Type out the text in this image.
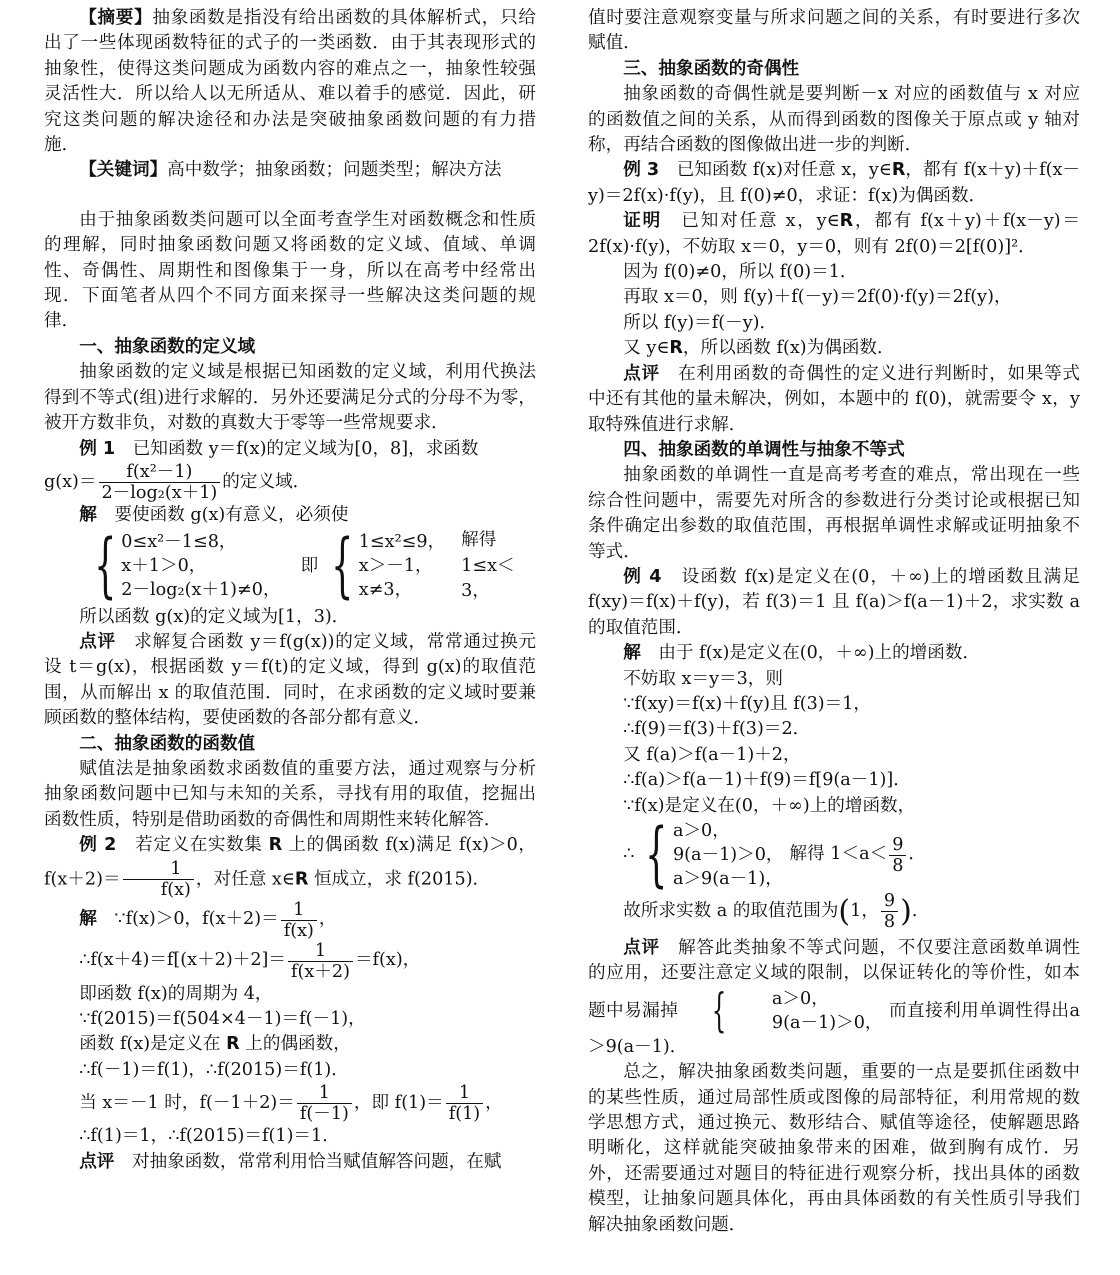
【摘要】抽象函数是指没有给出函数的具体解析式，只给出了一些体现函数特征的式子的一类函数．由于其表现形式的抽象性，使得这类问题成为函数内容的难点之一，抽象性较强灵活性大．所以给人以无所适从、难以着手的感觉．因此，研究这类问题的解决途径和办法是突破抽象函数问题的有力措施．

【关键词】高中数学；抽象函数；问题类型；解决方法

由于抽象函数类问题可以全面考查学生对函数概念和性质的理解，同时抽象函数问题又将函数的定义域、值域、单调性、奇偶性、周期性和图像集于一身，所以在高考中经常出现．下面笔者从四个不同方面来探寻一些解决这类问题的规律．

一、抽象函数的定义域

抽象函数的定义域是根据已知函数的定义域，利用代换法得到不等式(组)进行求解的．另外还要满足分式的分母不为零，被开方数非负，对数的真数大于零等一些常规要求．

例 1　 已知函数 y＝f(x)的定义域为[0，8]，求函数

$g(x)= \frac{\text{f(x²－1)}}{\text{2－log₂(x＋1)}}$ 的定义域．

解　 要使函数 g(x)有意义，必须使

{ 0≤x²－1≤8，
x＋1＞0，
2－log₂(x＋1)≠0，
即 { 1≤x²≤9，
x＞－1，
x≠3，
解得 1≤x＜3，

所以函数 g(x)的定义域为[1，3)．

点评　 求解复合函数 y＝f(g(x))的定义域，常常通过换元设 t＝g(x)，根据函数 y＝f(t)的定义域，得到 g(x)的取值范围，从而解出 x 的取值范围．同时，在求函数的定义域时要兼顾函数的整体结构，要使函数的各部分都有意义．

二、抽象函数的函数值

赋值法是抽象函数求函数值的重要方法，通过观察与分析抽象函数问题中已知与未知的关系，寻找有用的取值，挖掘出函数性质，特别是借助函数的奇偶性和周期性来转化解答．

例 2　 若定义在实数集 R 上的偶函数 f(x)满足 f(x)＞0，$f(x+2)= \frac{1}{f(x)}$ ，对任意 x∈R 恒成立，求 f(2015)．

解
　 ∵f(x)＞0，$f(x+2)= \frac{1}{f(x)}$ ，
∴f(x＋4)＝f[(x＋2)＋2]＝ $\frac{1}{f(x+2)} =f(x)$，

即函数 f(x)的周期为 4，

∵f(2015)＝f(504×4－1)＝f(－1)，

函数 f(x)是定义在 R 上的偶函数，

∴f(－1)＝f(1)，∴f(2015)＝f(1)．

当 x＝－1 时，$f(-1+2)= \frac{1}{f(-1)}$ ，即 $f(1)= \frac{1}{f(1)}$ ，

∴f(1)＝1，∴f(2015)＝f(1)＝1．

点评　 对抽象函数，常常利用恰当赋值解答问题，在赋

值时要注意观察变量与所求问题之间的关系，有时要进行多次赋值．

三、抽象函数的奇偶性

抽象函数的奇偶性就是要判断－x 对应的函数值与 x 对应的函数值之间的关系，从而得到函数的图像关于原点或 y 轴对称，再结合函数的图像做出进一步的判断．

例 3　 已知函数 f(x)对任意 x，y∈R，都有 f(x＋y)＋f(x－y)＝2f(x)·f(y)，且 f(0)≠0，求证：f(x)为偶函数．

证明　 已知对任意 x，y∈R，都有 f(x＋y)＋f(x－y)＝2f(x)·f(y)，不妨取 x＝0，y＝0，则有 2f(0)＝2[f(0)]²．

因为 f(0)≠0，所以 f(0)＝1．

再取 x＝0，则 f(y)＋f(－y)＝2f(0)·f(y)＝2f(y)，

所以 f(y)＝f(－y)．

又 y∈R，所以函数 f(x)为偶函数．

点评　 在利用函数的奇偶性的定义进行判断时，如果等式中还有其他的量未解决，例如，本题中的 f(0)，就需要令 x，y 取特殊值进行求解．

四、抽象函数的单调性与抽象不等式

抽象函数的单调性一直是高考考查的难点，常出现在一些综合性问题中，需要先对所含的参数进行分类讨论或根据已知条件确定出参数的取值范围，再根据单调性求解或证明抽象不等式．

例 4　 设函数 f(x)是定义在(0，＋∞)上的增函数且满足 f(xy)＝f(x)＋f(y)，若 f(3)＝1 且 f(a)＞f(a－1)＋2，求实数 a 的取值范围．

解　 由于 f(x)是定义在(0，＋∞)上的增函数．

不妨取 x＝y＝3，则

∵f(xy)＝f(x)＋f(y)且 f(3)＝1，

∴f(9)＝f(3)＋f(3)＝2．

又 f(a)＞f(a－1)＋2，

∴f(a)＞f(a－1)＋f(9)＝f[9(a－1)]．

∵f(x)是定义在(0，＋∞)上的增函数，

∴ { a＞0，
9(a－1)＞0，
a＞9(a－1)，
解得 $1<a< \frac{9}{8}$ ．
故所求实数 a 的取值范围为 ( 1， $\frac{9}{8}$ ) ．

点评　 解答此类抽象不等式问题，不仅要注意函数单调性的应用，还要注意定义域的限制，以保证转化的等价性，如本题中易漏掉 {	a＞0，
9(a－1)＞0，
而直接利用单调性得出a＞9(a－1)．

总之，解决抽象函数类问题，重要的一点是要抓住函数中的某些性质，通过局部性质或图像的局部特征，利用常规的数学思想方式，通过换元、数形结合、赋值等途径，使解题思路明晰化，这样就能突破抽象带来的困难，做到胸有成竹．另外，还需要通过对题目的特征进行观察分析，找出具体的函数模型，让抽象问题具体化，再由具体函数的有关性质引导我们解决抽象函数问题．
